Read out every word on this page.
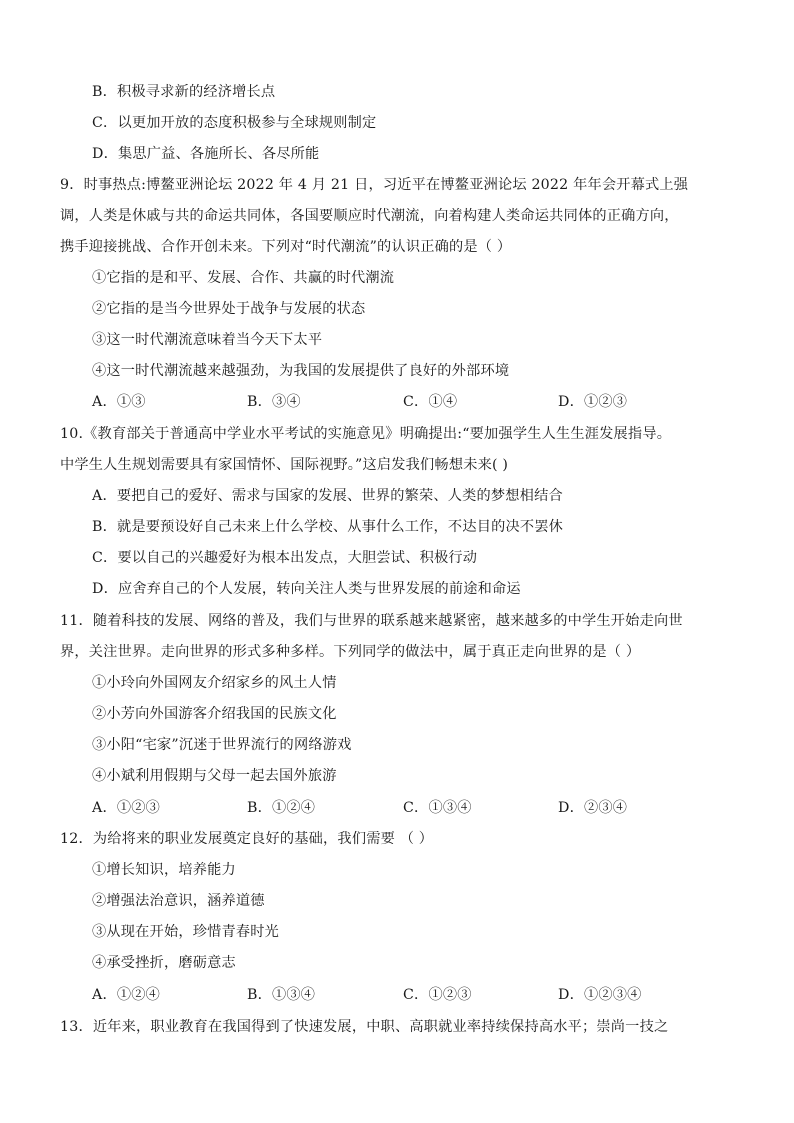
B．积极寻求新的经济增长点
C．以更加开放的态度积极参与全球规则制定
D．集思广益、各施所长、各尽所能
9．时事热点:博鳌亚洲论坛 2022 年 4 月 21 日，习近平在博鳌亚洲论坛 2022 年年会开幕式上强
调，人类是休戚与共的命运共同体，各国要顺应时代潮流，向着构建人类命运共同体的正确方向，
携手迎接挑战、合作开创未来。下列对“时代潮流”的认识正确的是（ ）
①它指的是和平、发展、合作、共赢的时代潮流
②它指的是当今世界处于战争与发展的状态
③这一时代潮流意味着当今天下太平
④这一时代潮流越来越强劲，为我国的发展提供了良好的外部环境
A．①③	B．③④	C．①④	D．①②③
10.《教育部关于普通高中学业水平考试的实施意见》明确提出:“要加强学生人生生涯发展指导。
中学生人生规划需要具有家国情怀、国际视野。”这启发我们畅想未来( )
A．要把自己的爱好、需求与国家的发展、世界的繁荣、人类的梦想相结合
B．就是要预设好自己未来上什么学校、从事什么工作，不达目的决不罢休
C．要以自己的兴趣爱好为根本出发点，大胆尝试、积极行动
D．应舍弃自己的个人发展，转向关注人类与世界发展的前途和命运
11．随着科技的发展、网络的普及，我们与世界的联系越来越紧密，越来越多的中学生开始走向世
界，关注世界。走向世界的形式多种多样。下列同学的做法中，属于真正走向世界的是（ ）
①小玲向外国网友介绍家乡的风土人情
②小芳向外国游客介绍我国的民族文化
③小阳“宅家”沉迷于世界流行的网络游戏
④小斌利用假期与父母一起去国外旅游
A．①②③	B．①②④	C．①③④	D．②③④
12．为给将来的职业发展奠定良好的基础，我们需要 （ ）
①增长知识，培养能力
②增强法治意识，涵养道德
③从现在开始，珍惜青春时光
④承受挫折，磨砺意志
A．①②④	B．①③④	C．①②③	D．①②③④
13．近年来，职业教育在我国得到了快速发展，中职、高职就业率持续保持高水平；崇尚一技之
